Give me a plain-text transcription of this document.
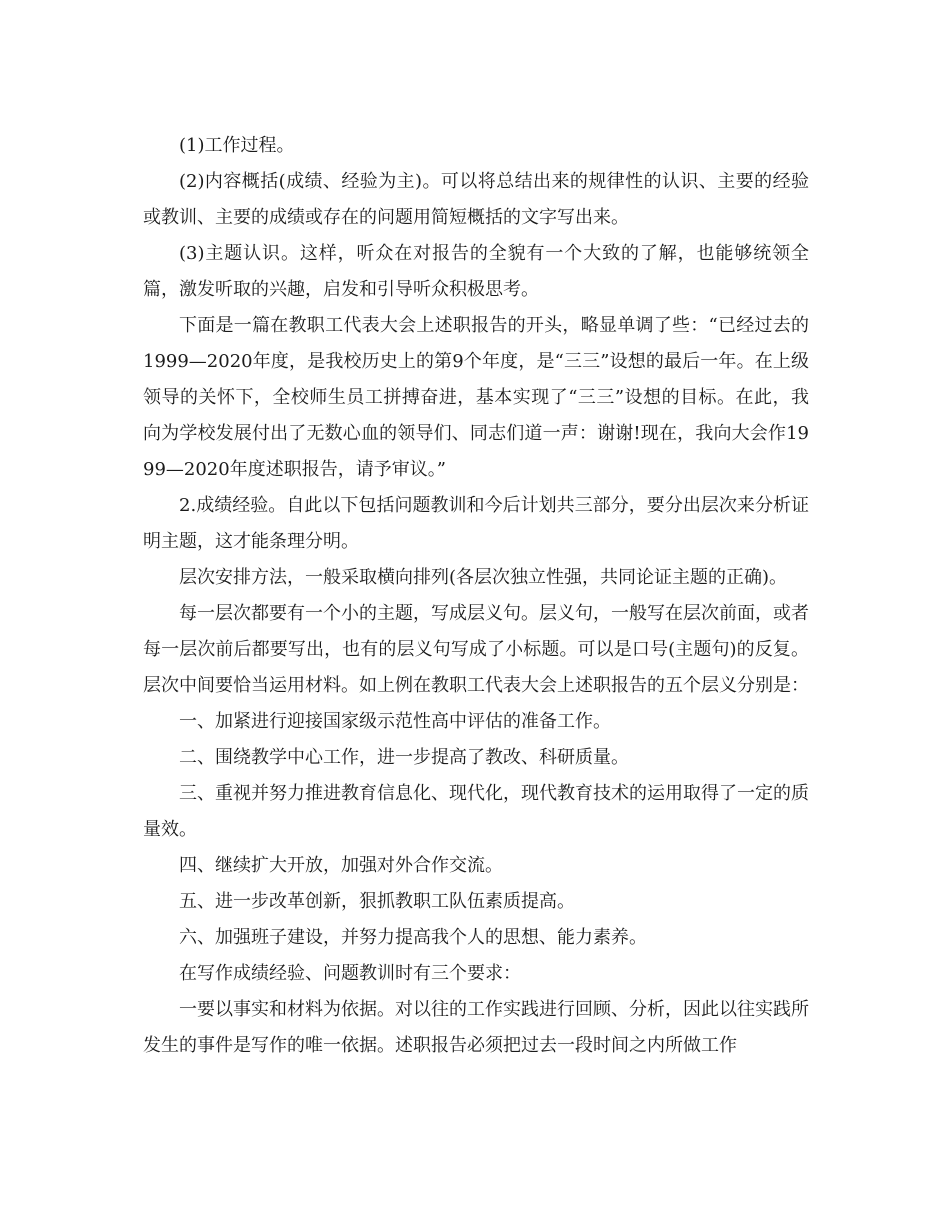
(1)工作过程。

(2)内容概括(成绩、经验为主)。可以将总结出来的规律性的认识、主要的经验或教训、主要的成绩或存在的问题用简短概括的文字写出来。

(3)主题认识。这样，听众在对报告的全貌有一个大致的了解，也能够统领全篇，激发听取的兴趣，启发和引导听众积极思考。

下面是一篇在教职工代表大会上述职报告的开头，略显单调了些：“已经过去的1999—2020年度，是我校历史上的第9个年度，是“三三”设想的最后一年。在上级领导的关怀下，全校师生员工拼搏奋进，基本实现了“三三”设想的目标。在此，我向为学校发展付出了无数心血的领导们、同志们道一声：谢谢!现在，我向大会作1999—2020年度述职报告，请予审议。”

2.成绩经验。自此以下包括问题教训和今后计划共三部分，要分出层次来分析证明主题，这才能条理分明。

层次安排方法，一般采取横向排列(各层次独立性强，共同论证主题的正确)。

每一层次都要有一个小的主题，写成层义句。层义句，一般写在层次前面，或者每一层次前后都要写出，也有的层义句写成了小标题。可以是口号(主题句)的反复。层次中间要恰当运用材料。如上例在教职工代表大会上述职报告的五个层义分别是：

一、加紧进行迎接国家级示范性高中评估的准备工作。

二、围绕教学中心工作，进一步提高了教改、科研质量。

三、重视并努力推进教育信息化、现代化，现代教育技术的运用取得了一定的质量效。

四、继续扩大开放，加强对外合作交流。

五、进一步改革创新，狠抓教职工队伍素质提高。

六、加强班子建设，并努力提高我个人的思想、能力素养。

在写作成绩经验、问题教训时有三个要求：

一要以事实和材料为依据。对以往的工作实践进行回顾、分析，因此以往实践所发生的事件是写作的唯一依据。述职报告必须把过去一段时间之内所做工作
